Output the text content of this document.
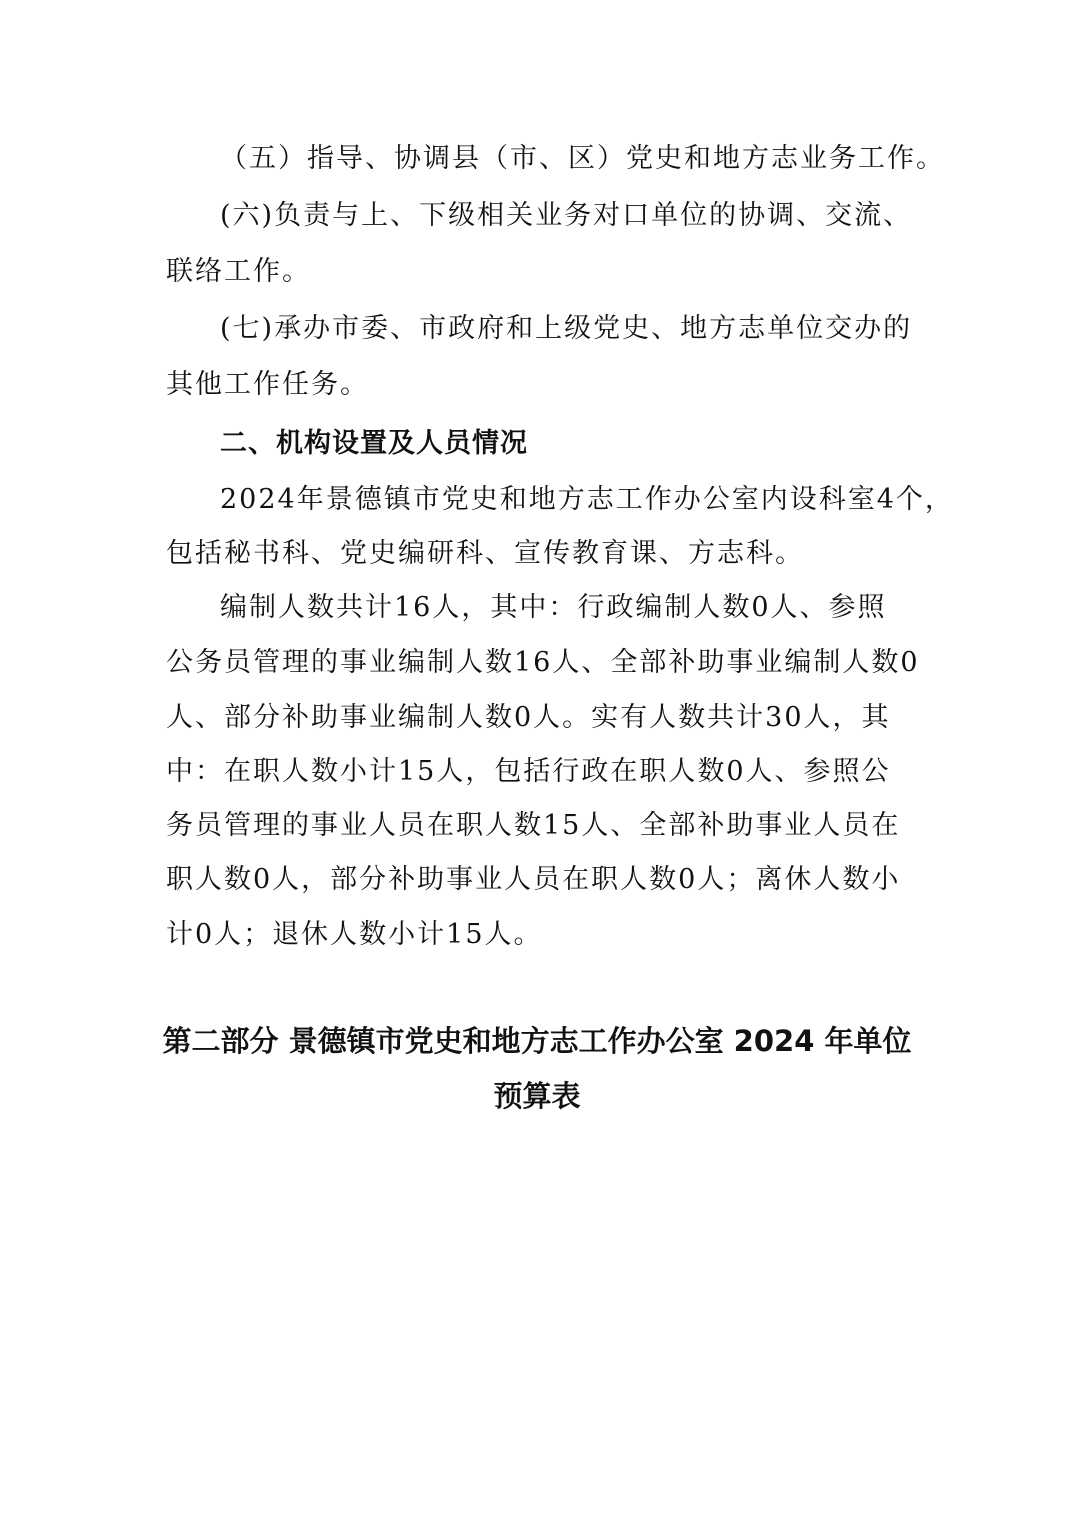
（五）指导、协调县（市、区）党史和地方志业务工作。
(六)负责与上、下级相关业务对口单位的协调、交流、
联络工作。
(七)承办市委、市政府和上级党史、地方志单位交办的
其他工作任务。
二、机构设置及人员情况
2024年景德镇市党史和地方志工作办公室内设科室4个，
包括秘书科、党史编研科、宣传教育课、方志科。
编制人数共计16人，其中：行政编制人数0人、参照
公务员管理的事业编制人数16人、全部补助事业编制人数0
人、部分补助事业编制人数0人。实有人数共计30人，其
中：在职人数小计15人，包括行政在职人数0人、参照公
务员管理的事业人员在职人数15人、全部补助事业人员在
职人数0人，部分补助事业人员在职人数0人；离休人数小
计0人；退休人数小计15人。
第二部分 景德镇市党史和地方志工作办公室 2024 年单位
预算表
